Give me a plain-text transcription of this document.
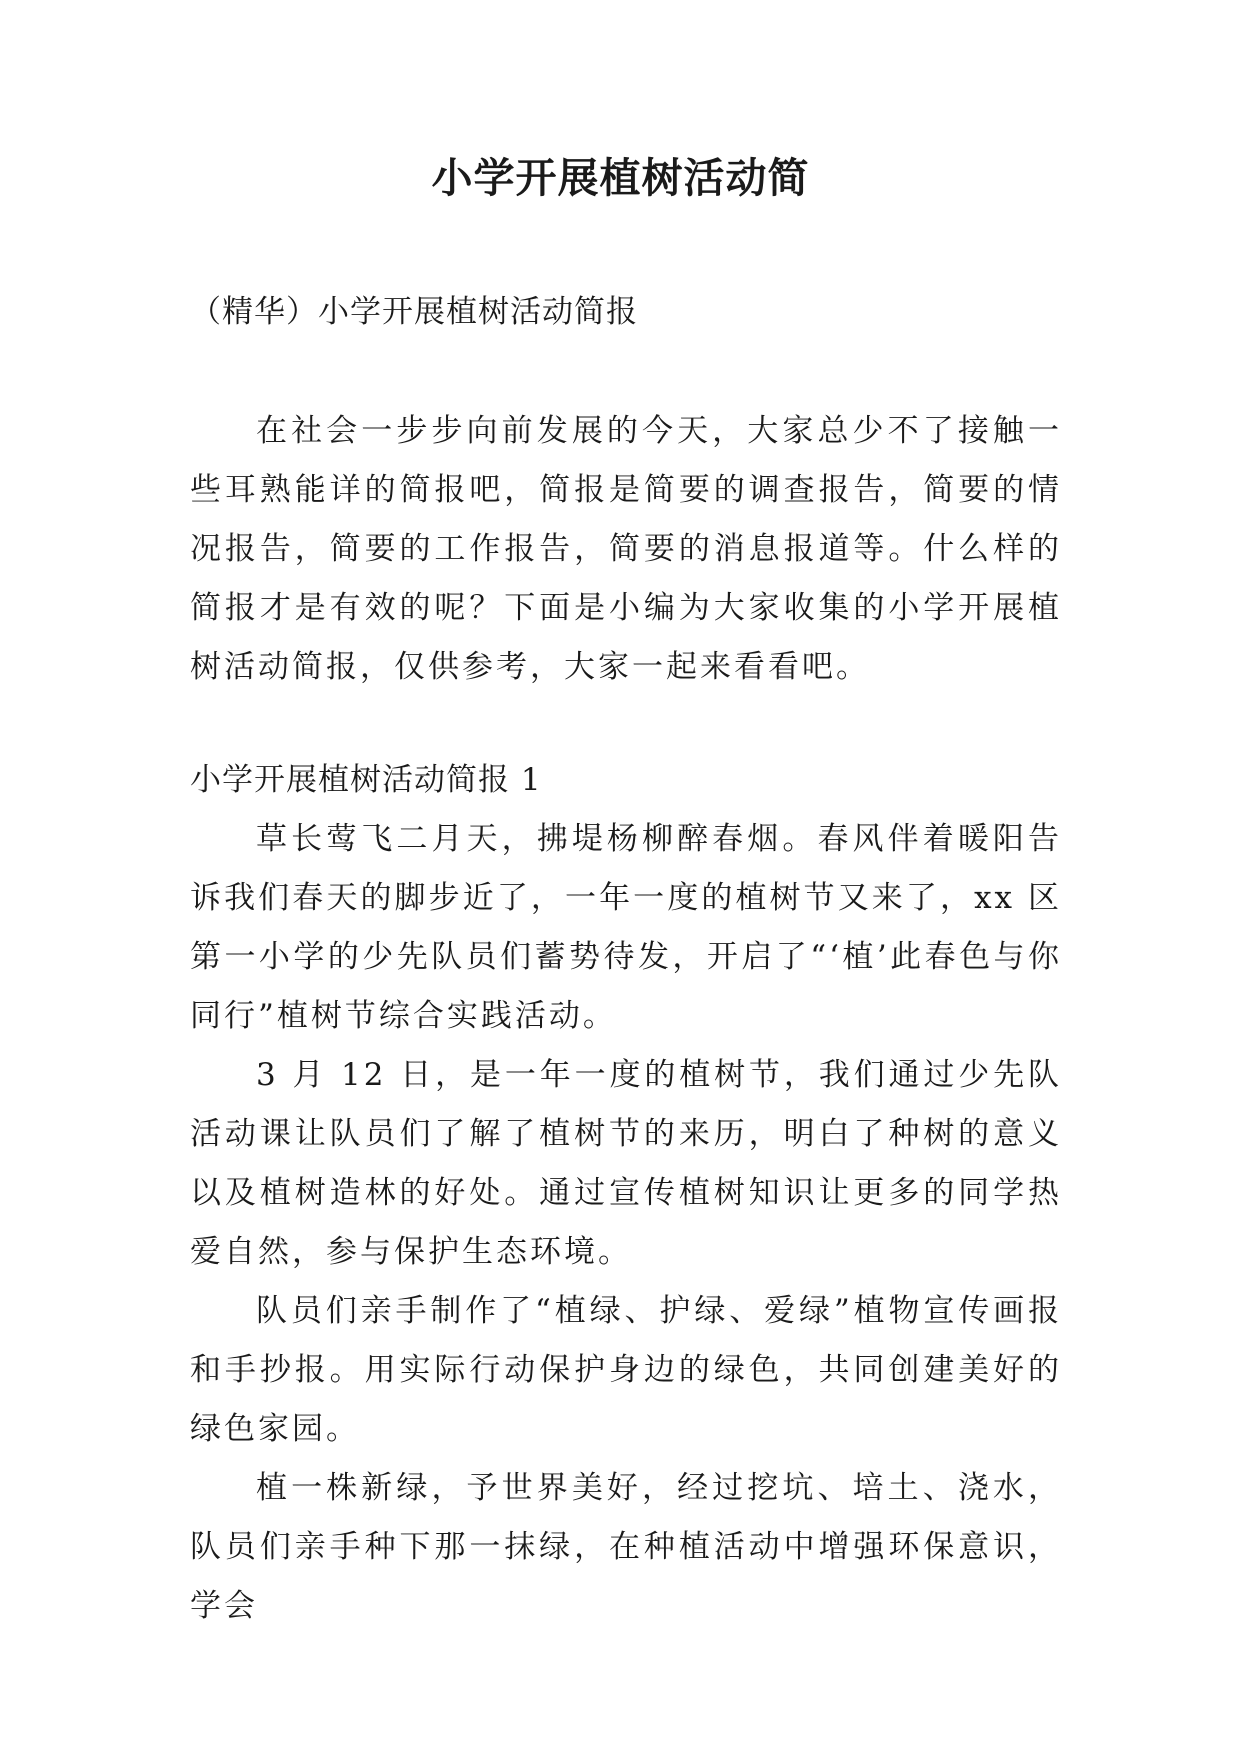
小学开展植树活动简

（精华）小学开展植树活动简报

在社会一步步向前发展的今天，大家总少不了接触一些耳熟能详的简报吧，简报是简要的调查报告，简要的情况报告，简要的工作报告，简要的消息报道等。什么样的简报才是有效的呢？下面是小编为大家收集的小学开展植树活动简报，仅供参考，大家一起来看看吧。

小学开展植树活动简报 1

草长莺飞二月天，拂堤杨柳醉春烟。春风伴着暖阳告诉我们春天的脚步近了，一年一度的植树节又来了，xx 区第一小学的少先队员们蓄势待发，开启了“‘植’此春色与你同行”植树节综合实践活动。

3 月 12 日，是一年一度的植树节，我们通过少先队活动课让队员们了解了植树节的来历，明白了种树的意义以及植树造林的好处。通过宣传植树知识让更多的同学热爱自然，参与保护生态环境。

队员们亲手制作了“植绿、护绿、爱绿”植物宣传画报和手抄报。用实际行动保护身边的绿色，共同创建美好的绿色家园。

植一株新绿，予世界美好，经过挖坑、培土、浇水，队员们亲手种下那一抹绿，在种植活动中增强环保意识，学会
